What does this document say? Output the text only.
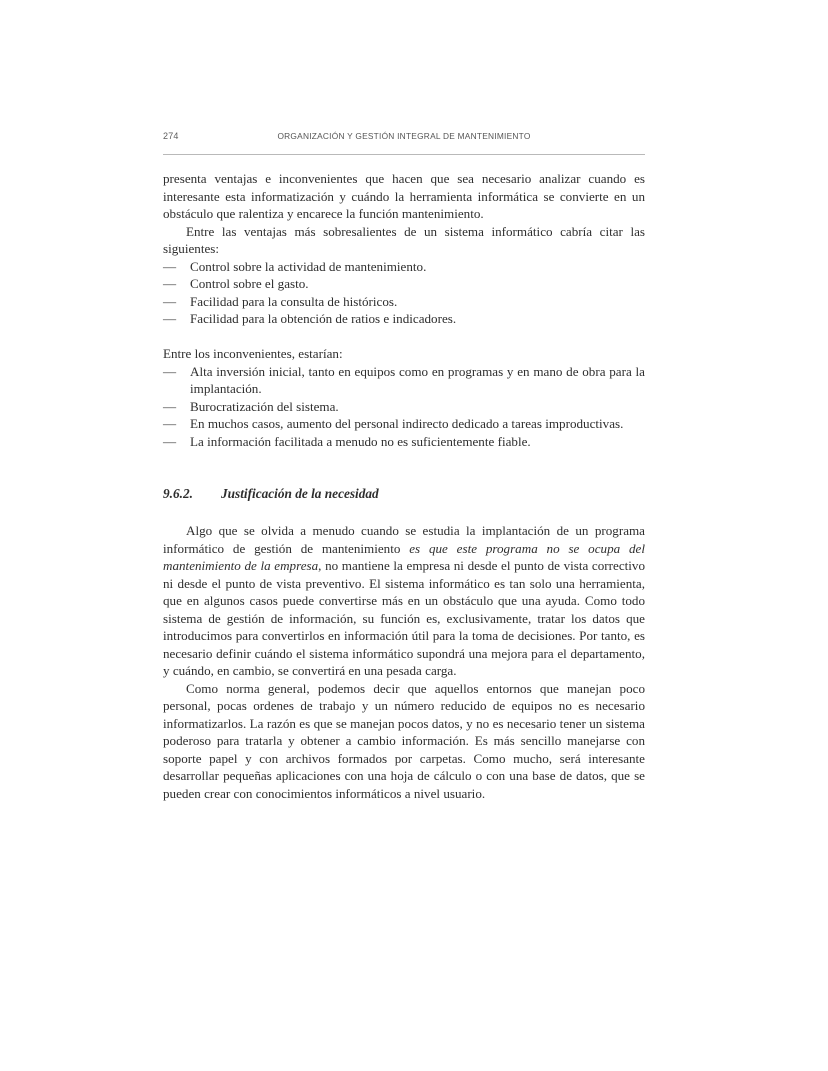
274	ORGANIZACIÓN Y GESTIÓN INTEGRAL DE MANTENIMIENTO

presenta ventajas e inconvenientes que hacen que sea necesario analizar cuando es interesante esta informatización y cuándo la herramienta informática se convierte en un obstáculo que ralentiza y encarece la función mantenimiento.

Entre las ventajas más sobresalientes de un sistema informático cabría citar las siguientes:

—	Control sobre la actividad de mantenimiento.
—	Control sobre el gasto.
—	Facilidad para la consulta de históricos.
—	Facilidad para la obtención de ratios e indicadores.

Entre los inconvenientes, estarían:

—	Alta inversión inicial, tanto en equipos como en programas y en mano de obra para la implantación.
—	Burocratización del sistema.
—	En muchos casos, aumento del personal indirecto dedicado a tareas improductivas.
—	La información facilitada a menudo no es suficientemente fiable.
9.6.2.	Justificación de la necesidad

Algo que se olvida a menudo cuando se estudia la implantación de un programa informático de gestión de mantenimiento es que este programa no se ocupa del mantenimiento de la empresa, no mantiene la empresa ni desde el punto de vista correctivo ni desde el punto de vista preventivo. El sistema informático es tan solo una herramienta, que en algunos casos puede convertirse más en un obstáculo que una ayuda. Como todo sistema de gestión de información, su función es, exclusivamente, tratar los datos que introducimos para convertirlos en información útil para la toma de decisiones. Por tanto, es necesario definir cuándo el sistema informático supondrá una mejora para el departamento, y cuándo, en cambio, se convertirá en una pesada carga.

Como norma general, podemos decir que aquellos entornos que manejan poco personal, pocas ordenes de trabajo y un número reducido de equipos no es necesario informatizarlos. La razón es que se manejan pocos datos, y no es necesario tener un sistema poderoso para tratarla y obtener a cambio información. Es más sencillo manejarse con soporte papel y con archivos formados por carpetas. Como mucho, será interesante desarrollar pequeñas aplicaciones con una hoja de cálculo o con una base de datos, que se pueden crear con conocimientos informáticos a nivel usuario.
